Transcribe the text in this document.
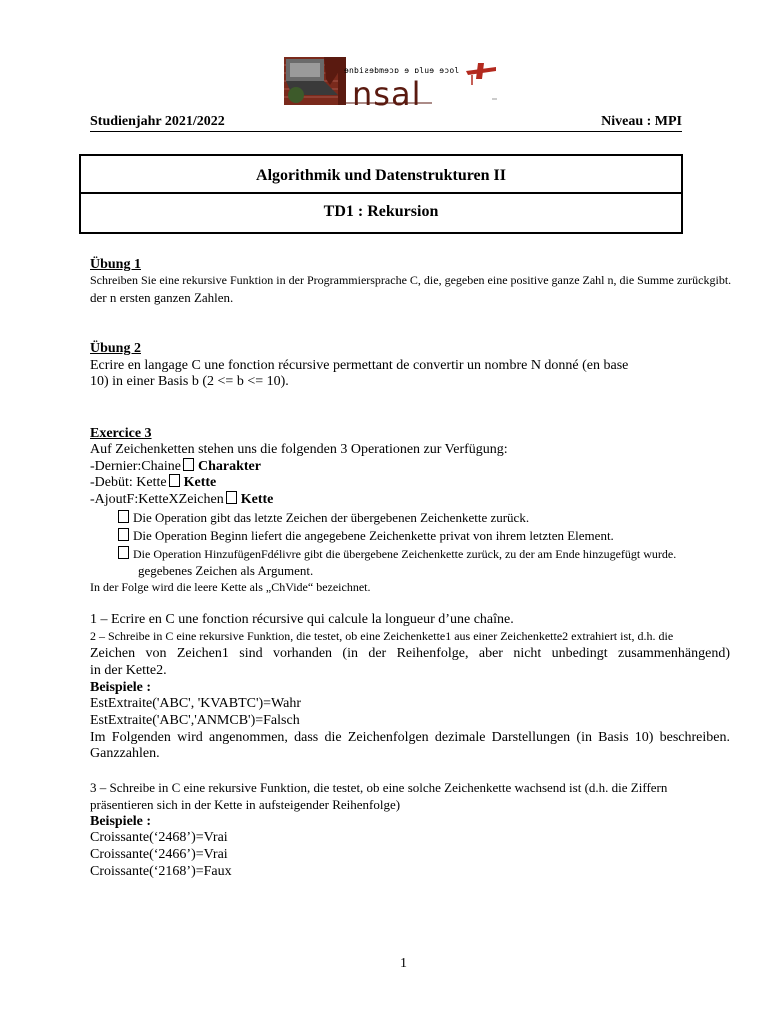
ɘnbiƨɘbmɘɔɒ ɘ ɒluɘ ɘɔol
nsal
Studienjahr 2021/2022	Niveau : MPI
Algorithmik und Datenstrukturen II
TD1 : Rekursion
Übung 1
Schreiben Sie eine rekursive Funktion in der Programmiersprache C, die, gegeben eine positive ganze Zahl n, die Summe zurückgibt.
der n ersten ganzen Zahlen.
Übung 2
Ecrire en langage C une fonction récursive permettant de convertir un nombre N donné (en base
10) in einer Basis b (2 <= b <= 10).
Exercice 3
Auf Zeichenketten stehen uns die folgenden 3 Operationen zur Verfügung:
-Dernier:Chaine Charakter
-Debüt: Kette Kette
-AjoutF:KetteXZeichen Kette
Die Operation gibt das letzte Zeichen der übergebenen Zeichenkette zurück.
Die Operation Beginn liefert die angegebene Zeichenkette privat von ihrem letzten Element.
Die Operation HinzufügenFdélivre gibt die übergebene Zeichenkette zurück, zu der am Ende hinzugefügt wurde.
gegebenes Zeichen als Argument.
In der Folge wird die leere Kette als „ChVide“ bezeichnet.
1 – Ecrire en C une fonction récursive qui calcule la longueur d’une chaîne.
2 – Schreibe in C eine rekursive Funktion, die testet, ob eine Zeichenkette1 aus einer Zeichenkette2 extrahiert ist, d.h. die
Zeichen von Zeichen1 sind vorhanden (in der Reihenfolge, aber nicht unbedingt zusammenhängend)
in der Kette2.
Beispiele :
EstExtraite('ABC', 'KVABTC')=Wahr
EstExtraite('ABC','ANMCB')=Falsch
Im Folgenden wird angenommen, dass die Zeichenfolgen dezimale Darstellungen (in Basis 10) beschreiben.
Ganzzahlen.
3 – Schreibe in C eine rekursive Funktion, die testet, ob eine solche Zeichenkette wachsend ist (d.h. die Ziffern
präsentieren sich in der Kette in aufsteigender Reihenfolge)
Beispiele :
Croissante(‘2468’)=Vrai
Croissante(‘2466’)=Vrai
Croissante(‘2168’)=Faux
1
